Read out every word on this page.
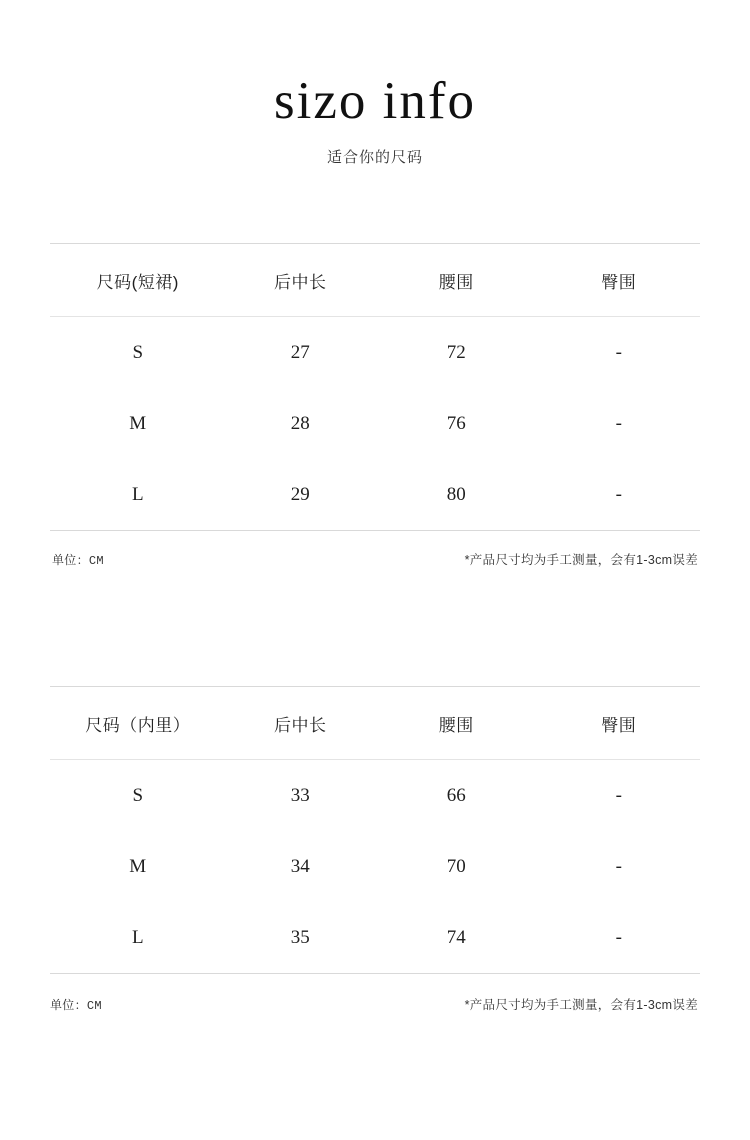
sizo info
适合你的尺码
尺码(短裙)	后中长	腰围	臀围
S	27	72	-
M	28	76	-
L	29	80	-
单位：CM	*产品尺寸均为手工测量，会有1-3cm误差
尺码（内里）	后中长	腰围	臀围
S	33	66	-
M	34	70	-
L	35	74	-
单位：CM	*产品尺寸均为手工测量，会有1-3cm误差
